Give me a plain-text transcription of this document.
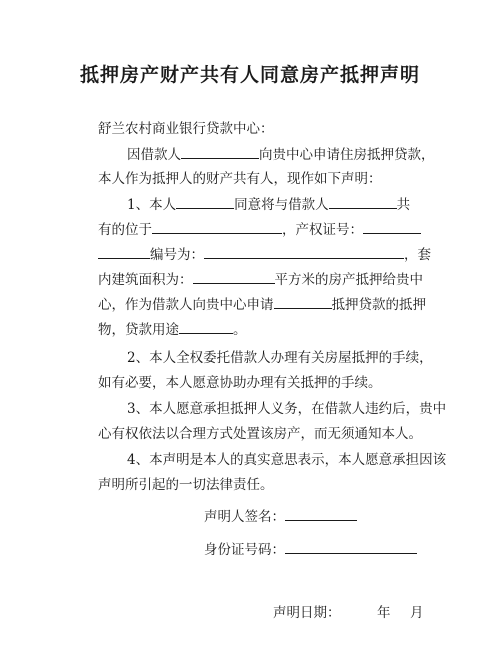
抵押房产财产共有人同意房产抵押声明
舒兰农村商业银行贷款中心：
因借款人	向贵中心申请住房抵押贷款，
本人作为抵押人的财产共有人，现作如下声明：
1、本人	同意将与借款人	共
有的位于	，产权证号：
编号为：	，套
内建筑面积为：	平方米的房产抵押给贵中
心，作为借款人向贵中心申请	抵押贷款的抵押
物，贷款用途	。
2、本人全权委托借款人办理有关房屋抵押的手续，
如有必要，本人愿意协助办理有关抵押的手续。
3、本人愿意承担抵押人义务，在借款人违约后，贵中
心有权依法以合理方式处置该房产，而无须通知本人。
4、本声明是本人的真实意思表示，本人愿意承担因该
声明所引起的一切法律责任。
声明人签名：
身份证号码：
声明日期：	年 月
